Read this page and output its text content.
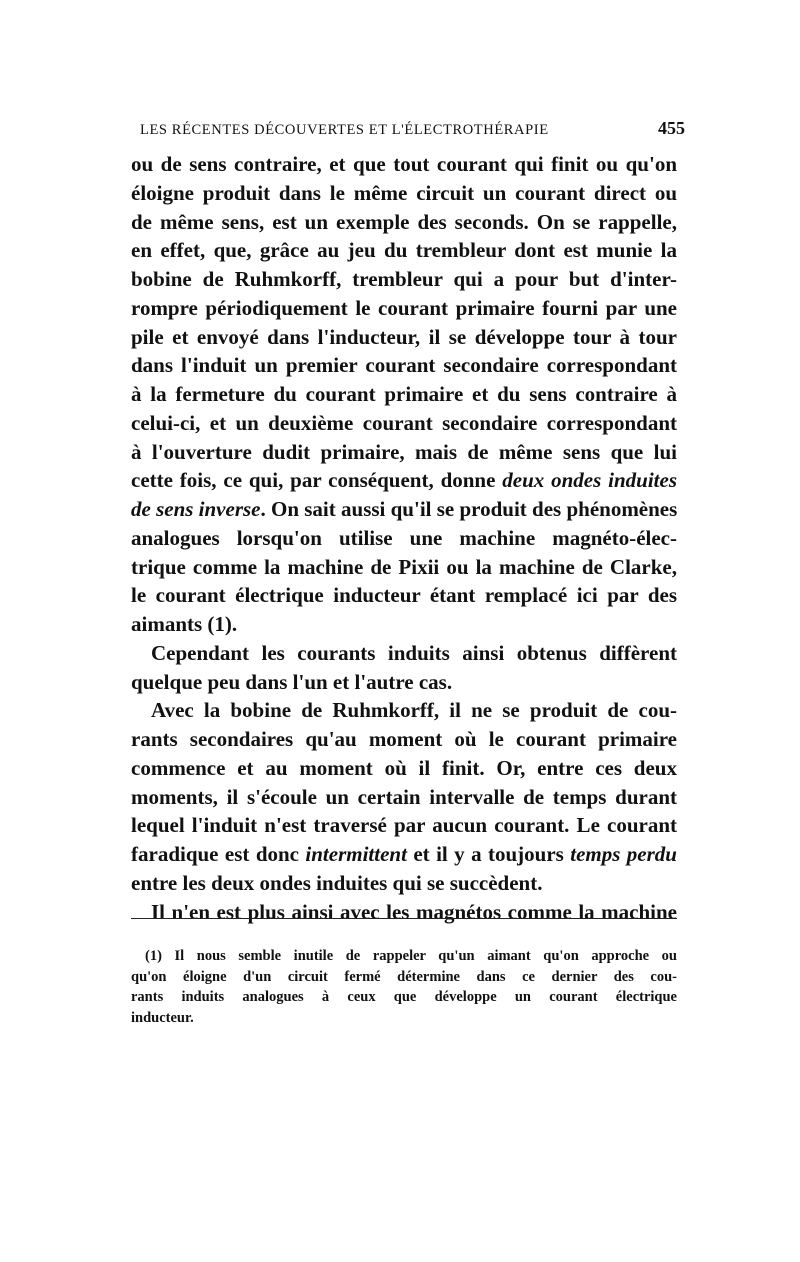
LES RÉCENTES DÉCOUVERTES ET L'ÉLECTROTHÉRAPIE	455
ou de sens contraire, et que tout courant qui finit ou qu'on
éloigne produit dans le même circuit un courant direct ou
de même sens, est un exemple des seconds. On se rappelle,
en effet, que, grâce au jeu du trembleur dont est munie la
bobine de Ruhmkorff, trembleur qui a pour but d'inter-
rompre périodiquement le courant primaire fourni par une
pile et envoyé dans l'inducteur, il se développe tour à tour
dans l'induit un premier courant secondaire correspondant
à la fermeture du courant primaire et du sens contraire à
celui-ci, et un deuxième courant secondaire correspondant
à l'ouverture dudit primaire, mais de même sens que lui
cette fois, ce qui, par conséquent, donne deux ondes induites
de sens inverse. On sait aussi qu'il se produit des phénomènes
analogues lorsqu'on utilise une machine magnéto-élec-
trique comme la machine de Pixii ou la machine de Clarke,
le courant électrique inducteur étant remplacé ici par des
aimants (1).
Cependant les courants induits ainsi obtenus diffèrent
quelque peu dans l'un et l'autre cas.
Avec la bobine de Ruhmkorff, il ne se produit de cou-
rants secondaires qu'au moment où le courant primaire
commence et au moment où il finit. Or, entre ces deux
moments, il s'écoule un certain intervalle de temps durant
lequel l'induit n'est traversé par aucun courant. Le courant
faradique est donc intermittent et il y a toujours temps perdu
entre les deux ondes induites qui se succèdent.
Il n'en est plus ainsi avec les magnétos comme la machine
(1) Il nous semble inutile de rappeler qu'un aimant qu'on approche ou
qu'on éloigne d'un circuit fermé détermine dans ce dernier des cou-
rants induits analogues à ceux que développe un courant électrique
inducteur.
